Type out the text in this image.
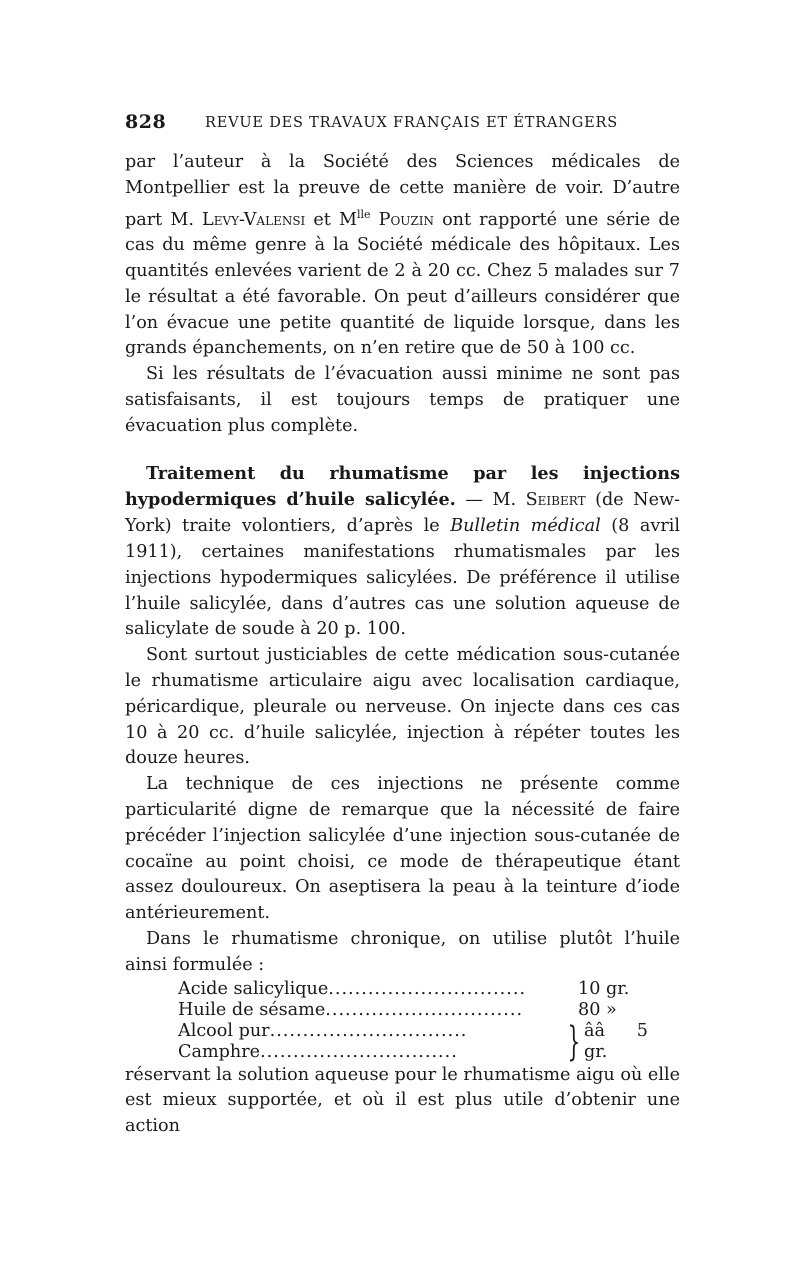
828	REVUE DES TRAVAUX FRANÇAIS ET ÉTRANGERS

par l’auteur à la Société des Sciences médicales de Montpellier est la preuve de cette manière de voir. D’autre part M. Levy-Valensi et $M^{lle}$ Pouzin ont rapporté une série de cas du même genre à la Société médicale des hôpitaux. Les quantités enlevées varient de 2 à 20 cc. Chez 5 malades sur 7 le résultat a été favorable. On peut d’ailleurs considérer que l’on évacue une petite quantité de liquide lorsque, dans les grands épanchements, on n’en retire que de 50 à 100 cc.

Si les résultats de l’évacuation aussi minime ne sont pas satisfaisants, il est toujours temps de pratiquer une évacuation plus complète.

Traitement du rhumatisme par les injections hypodermiques d’huile salicylée. — M. Seibert (de New-York) traite volontiers, d’après le Bulletin médical (8 avril 1911), certaines manifestations rhumatismales par les injections hypodermiques salicylées. De préférence il utilise l’huile salicylée, dans d’autres cas une solution aqueuse de salicylate de soude à 20 p. 100.

Sont surtout justiciables de cette médication sous-cutanée le rhumatisme articulaire aigu avec localisation cardiaque, péricardique, pleurale ou nerveuse. On injecte dans ces cas 10 à 20 cc. d’huile salicylée, injection à répéter toutes les douze heures.

La technique de ces injections ne présente comme particularité digne de remarque que la nécessité de faire précéder l’injection salicylée d’une injection sous-cutanée de cocaïne au point choisi, ce mode de thérapeutique étant assez douloureux. On aseptisera la peau à la teinture d’iode antérieurement.

Dans le rhumatisme chronique, on utilise plutôt l’huile ainsi formulée :

Acide salicylique ..............................	10 gr.
Huile de sésame ..............................	80 »
Alcool pur ..............................
Camphre ..............................	} ââ 5 gr.

réservant la solution aqueuse pour le rhumatisme aigu où elle est mieux supportée, et où il est plus utile d’obtenir une action
